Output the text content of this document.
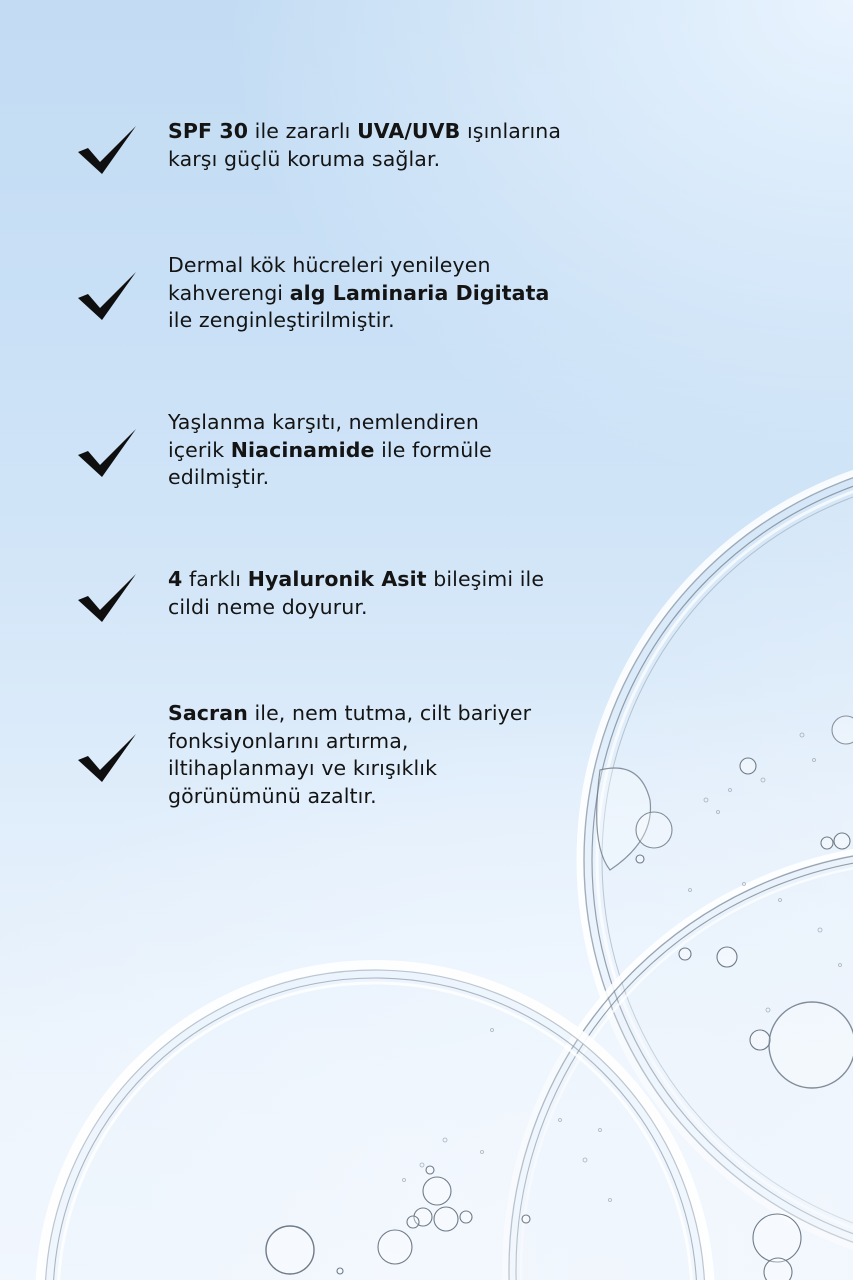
SPF 30 ile zararlı UVA/UVB ışınlarına
karşı güçlü koruma sağlar.
Dermal kök hücreleri yenileyen
kahverengi alg Laminaria Digitata
ile zenginleştirilmiştir.
Yaşlanma karşıtı, nemlendiren
içerik Niacinamide ile formüle
edilmiştir.
4 farklı Hyaluronik Asit bileşimi ile
cildi neme doyurur.
Sacran ile, nem tutma, cilt bariyer
fonksiyonlarını artırma,
iltihaplanmayı ve kırışıklık
görünümünü azaltır.
